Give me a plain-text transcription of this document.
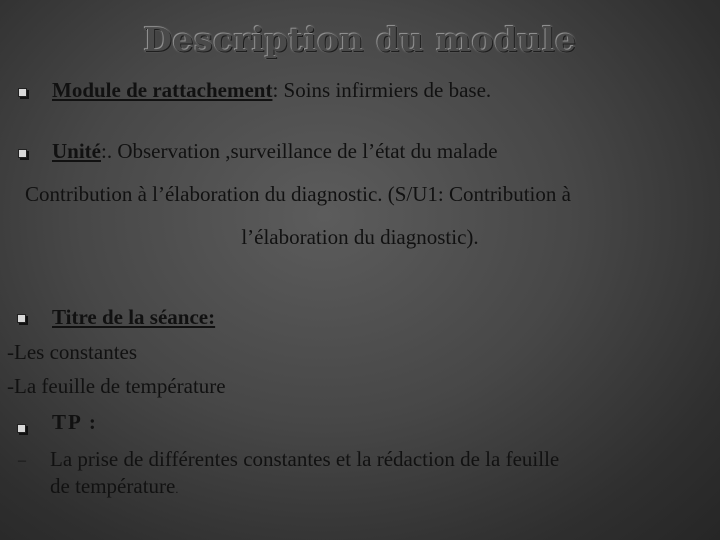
Description du module
Module de rattachement: Soins infirmiers de base.
Unité:. Observation ,surveillance de l’état du malade
Contribution à l’élaboration du diagnostic. (S/U1: Contribution à
l’élaboration du diagnostic).
Titre de la séance:
-Les constantes
-La feuille de température
TP :
– La prise de différentes constantes et la rédaction de la feuille
de température.
